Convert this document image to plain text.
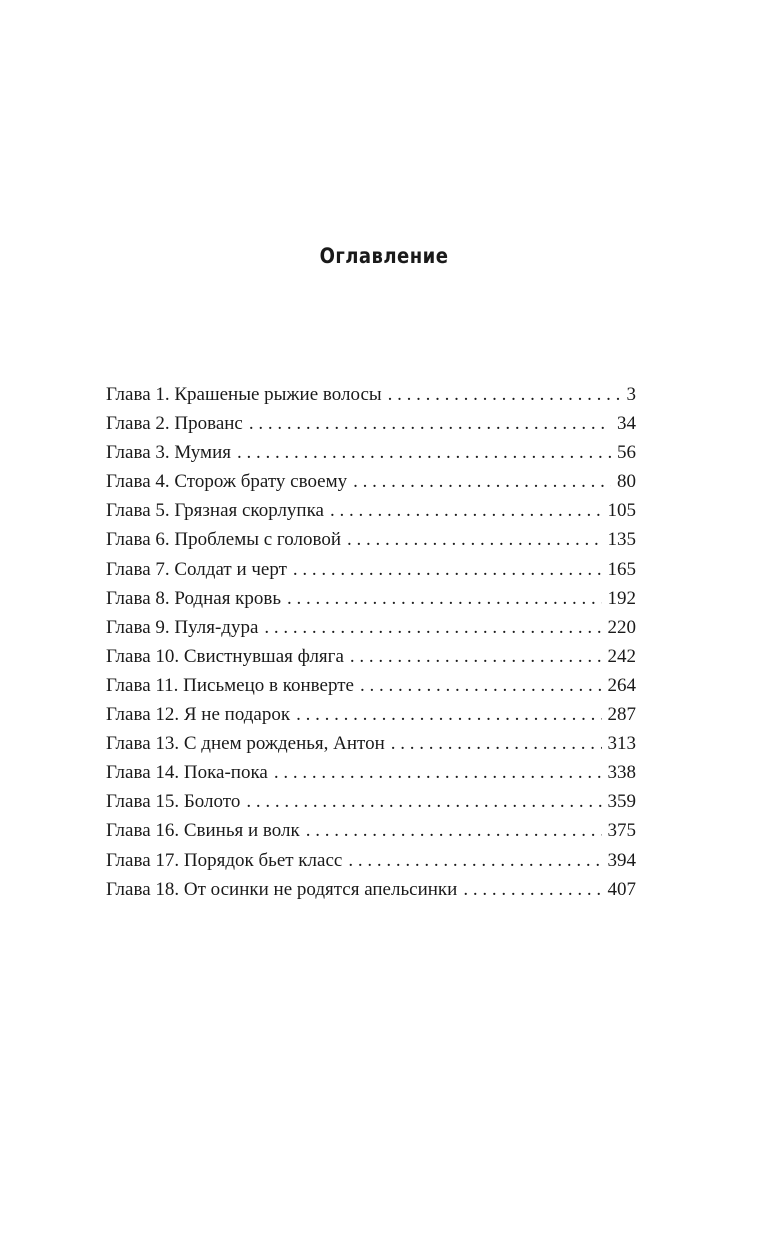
Оглавление
Глава 1. Крашеные рыжие волосы . . .	3
Глава 2. Прованс . . .	34
Глава 3. Мумия . . .	56
Глава 4. Сторож брату своему . . .	80
Глава 5. Грязная скорлупка . . .	105
Глава 6. Проблемы с головой . . .	135
Глава 7. Солдат и черт . . .	165
Глава 8. Родная кровь . . .	192
Глава 9. Пуля-дура . . .	220
Глава 10. Свистнувшая фляга . . .	242
Глава 11. Письмецо в конверте . . .	264
Глава 12. Я не подарок . . .	287
Глава 13. С днем рожденья, Антон . . .	313
Глава 14. Пока-пока . . .	338
Глава 15. Болото . . .	359
Глава 16. Свинья и волк . . .	375
Глава 17. Порядок бьет класс . . .	394
Глава 18. От осинки не родятся апельсинки . . .	407
